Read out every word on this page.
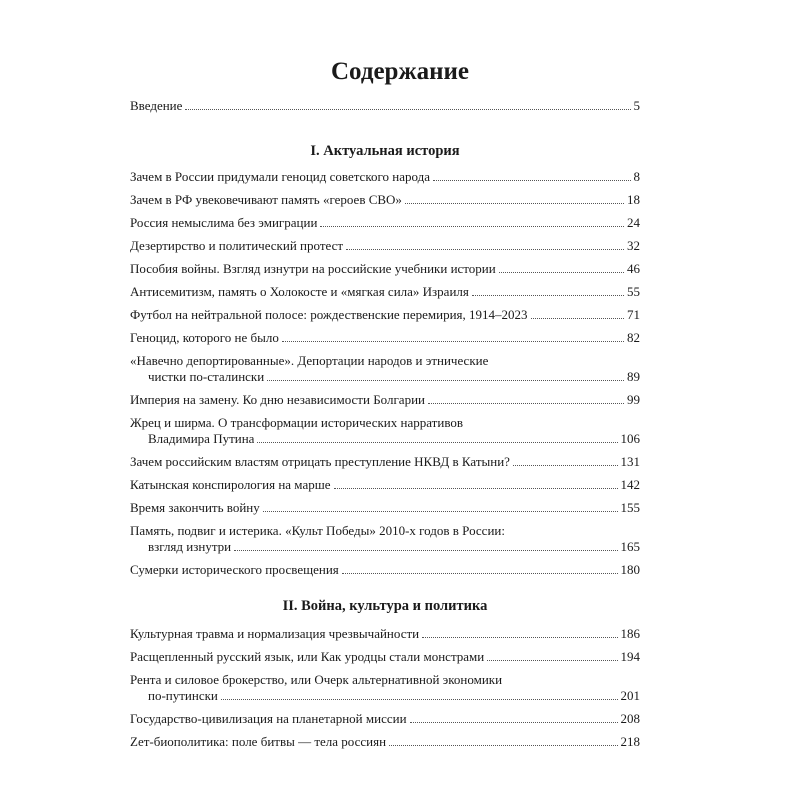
Содержание
Введение	5
I. Актуальная история
Зачем в России придумали геноцид советского народа	8
Зачем в РФ увековечивают память «героев СВО»	18
Россия немыслима без эмиграции	24
Дезертирство и политический протест	32
Пособия войны. Взгляд изнутри на российские учебники истории	46
Антисемитизм, память о Холокосте и «мягкая сила» Израиля	55
Футбол на нейтральной полосе: рождественские перемирия, 1914–2023	71
Геноцид, которого не было	82
«Навечно депортированные». Депортации народов и этнические
чистки по-сталински	89
Империя на замену. Ко дню независимости Болгарии	99
Жрец и ширма. О трансформации исторических нарративов
Владимира Путина	106
Зачем российским властям отрицать преступление НКВД в Катыни?	131
Катынская конспирология на марше	142
Время закончить войну	155
Память, подвиг и истерика. «Культ Победы» 2010-х годов в России:
взгляд изнутри	165
Сумерки исторического просвещения	180
II. Война, культура и политика
Культурная травма и нормализация чрезвычайности	186
Расщепленный русский язык, или Как уродцы стали монстрами	194
Рента и силовое брокерство, или Очерк альтернативной экономики
по-путински	201
Государство-цивилизация на планетарной миссии	208
Zет-биополитика: поле битвы — тела россиян	218
